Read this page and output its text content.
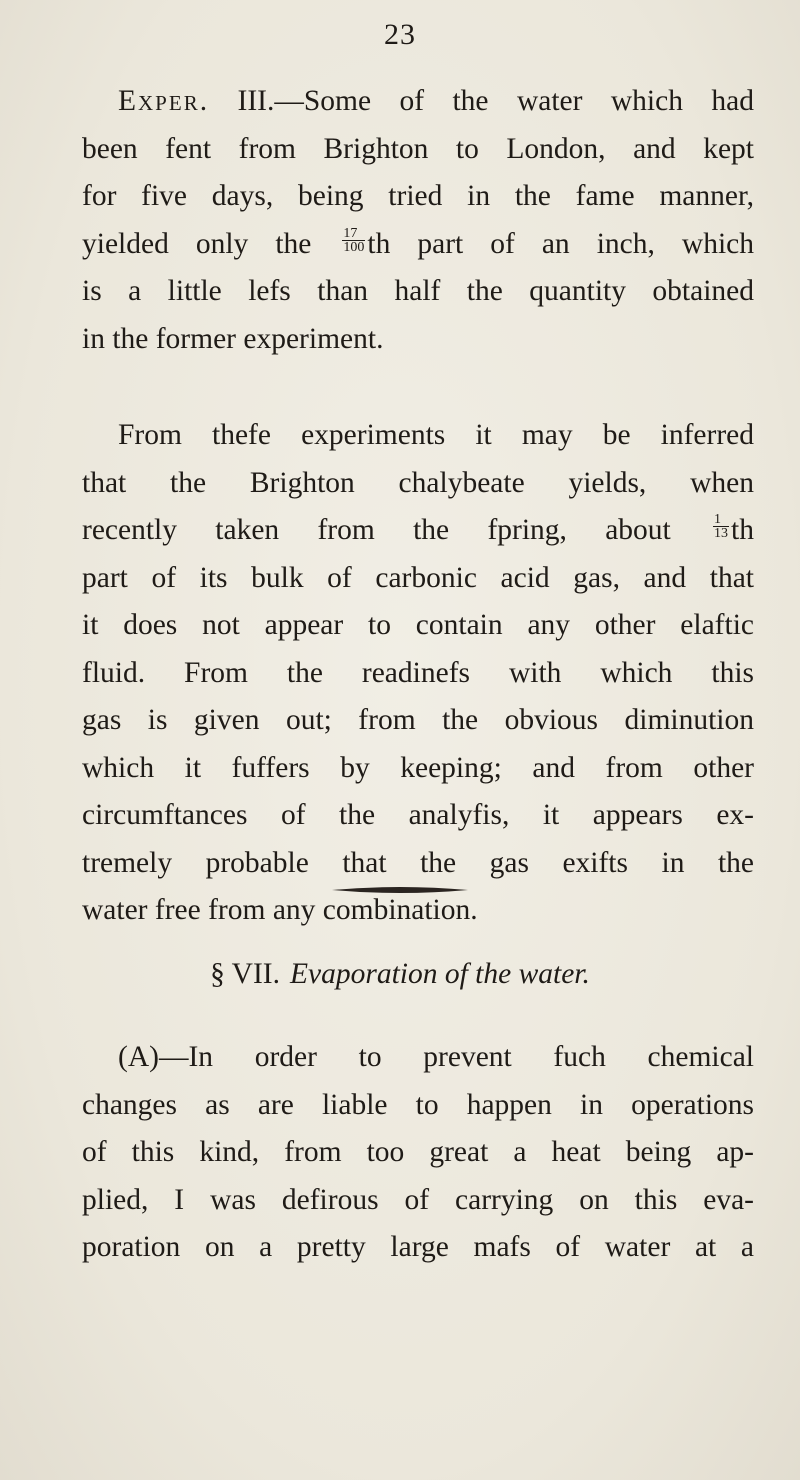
23
Exper. III.—Some of the water which had
been fent from Brighton to London, and kept
for five days, being tried in the fame manner,
yielded only the $\frac{17}{100}$ th part of an inch, which
is a little lefs than half the quantity obtained
in the former experiment.
From thefe experiments it may be inferred
that the Brighton chalybeate yields, when
recently taken from the fpring, about $\frac{1}{13}$ th
part of its bulk of carbonic acid gas, and that
it does not appear to contain any other elaftic
fluid. From the readinefs with which this
gas is given out; from the obvious diminution
which it fuffers by keeping; and from other
circumftances of the analyfis, it appears ex-
tremely probable that the gas exifts in the
water free from any combination.
§ VII. Evaporation of the water.
(A)—In order to prevent fuch chemical
changes as are liable to happen in operations
of this kind, from too great a heat being ap-
plied, I was defirous of carrying on this eva-
poration on a pretty large mafs of water at a
